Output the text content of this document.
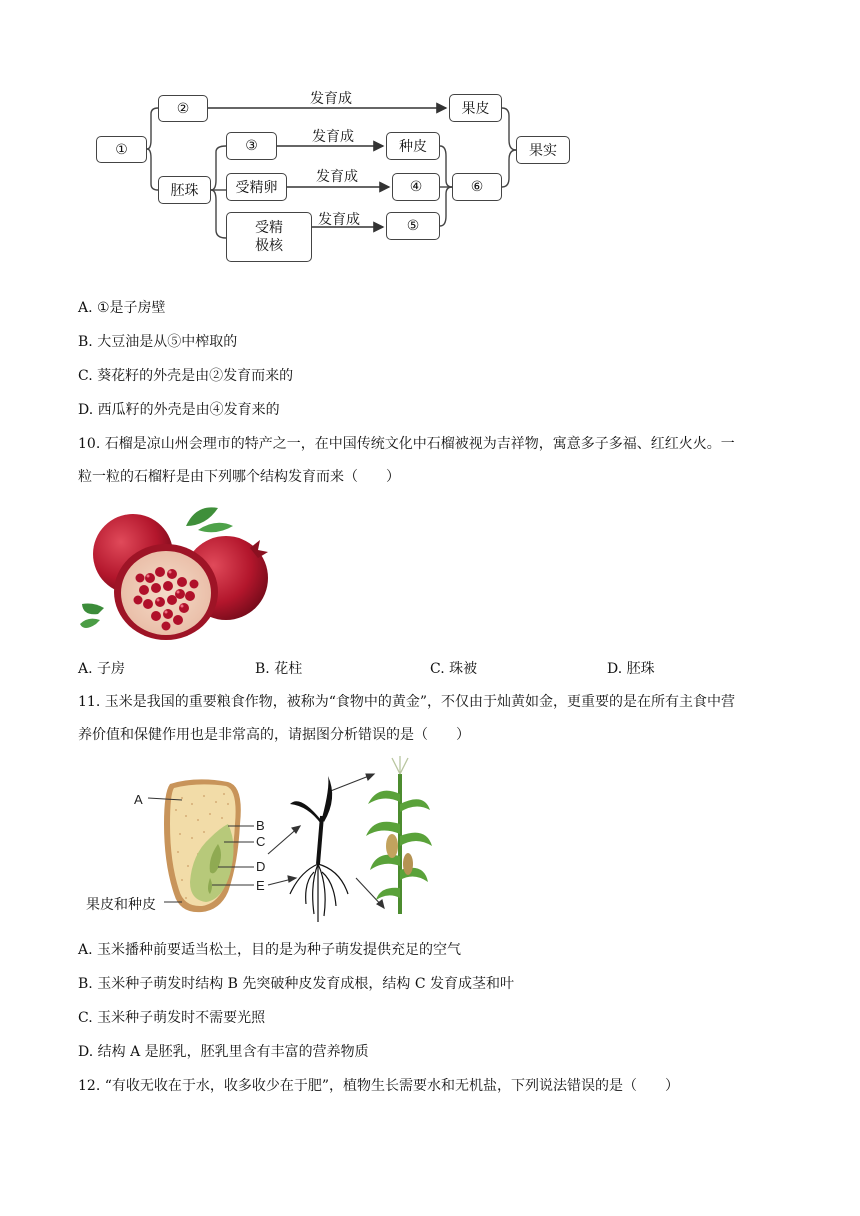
①
②
胚珠
③
受精卵
受精
极核
种皮
④
⑤
⑥
果皮
果实
发育成
发育成
发育成
发育成
A. ①是子房壁
B. 大豆油是从⑤中榨取的
C. 葵花籽的外壳是由②发育而来的
D. 西瓜籽的外壳是由④发育来的
10. 石榴是凉山州会理市的特产之一，在中国传统文化中石榴被视为吉祥物，寓意多子多福、红红火火。一
粒一粒的石榴籽是由下列哪个结构发育而来（　　）
A. 子房	B. 花柱	C. 珠被	D. 胚珠
11. 玉米是我国的重要粮食作物，被称为“食物中的黄金”，不仅由于灿黄如金，更重要的是在所有主食中营
养价值和保健作用也是非常高的，请据图分析错误的是（　　）
A
B
C
D
E
果皮和种皮
A. 玉米播种前要适当松土，目的是为种子萌发提供充足的空气
B. 玉米种子萌发时结构 B 先突破种皮发育成根，结构 C 发育成茎和叶
C. 玉米种子萌发时不需要光照
D. 结构 A 是胚乳，胚乳里含有丰富的营养物质
12. “有收无收在于水，收多收少在于肥”，植物生长需要水和无机盐，下列说法错误的是（　　）
